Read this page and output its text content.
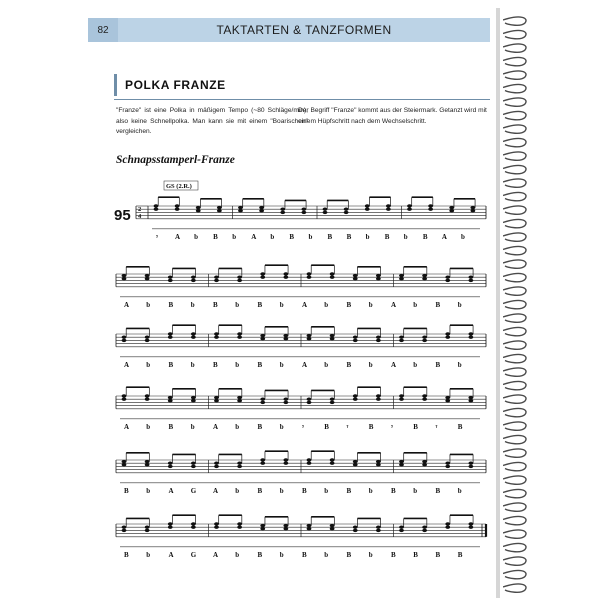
82	TAKTARTEN & TANZFORMEN
POLKA FRANZE

"Franze" ist eine Polka in mäßigem Tempo (~80 Schläge/min), also keine Schnellpolka. Man kann sie mit einem "Boarischen" vergleichen.

Der Begriff "Franze" kommt aus der Steiermark. Getanzt wird mit einem Hüpfschritt nach dem Wechselschritt.

Schnapsstamperl-Franze
𝄾 A b B b A b B b B B b B b B A b
A b	B	b	B	b	B	b	A b	B	b	A b	B	b
A b	B	b	B	b	B	b	A b	B	b	A b	B	b
A b	B	b	A b	B	b	𝄾	B	𝄾	B	𝄾	B	𝄾	B
B	b	A G A b	B	b	B	b	B	b	B	b	B	b
B	b	A G A b	B	b	B	b	B	b	B	B	B	B
2
4
95
GS (2.R.)
